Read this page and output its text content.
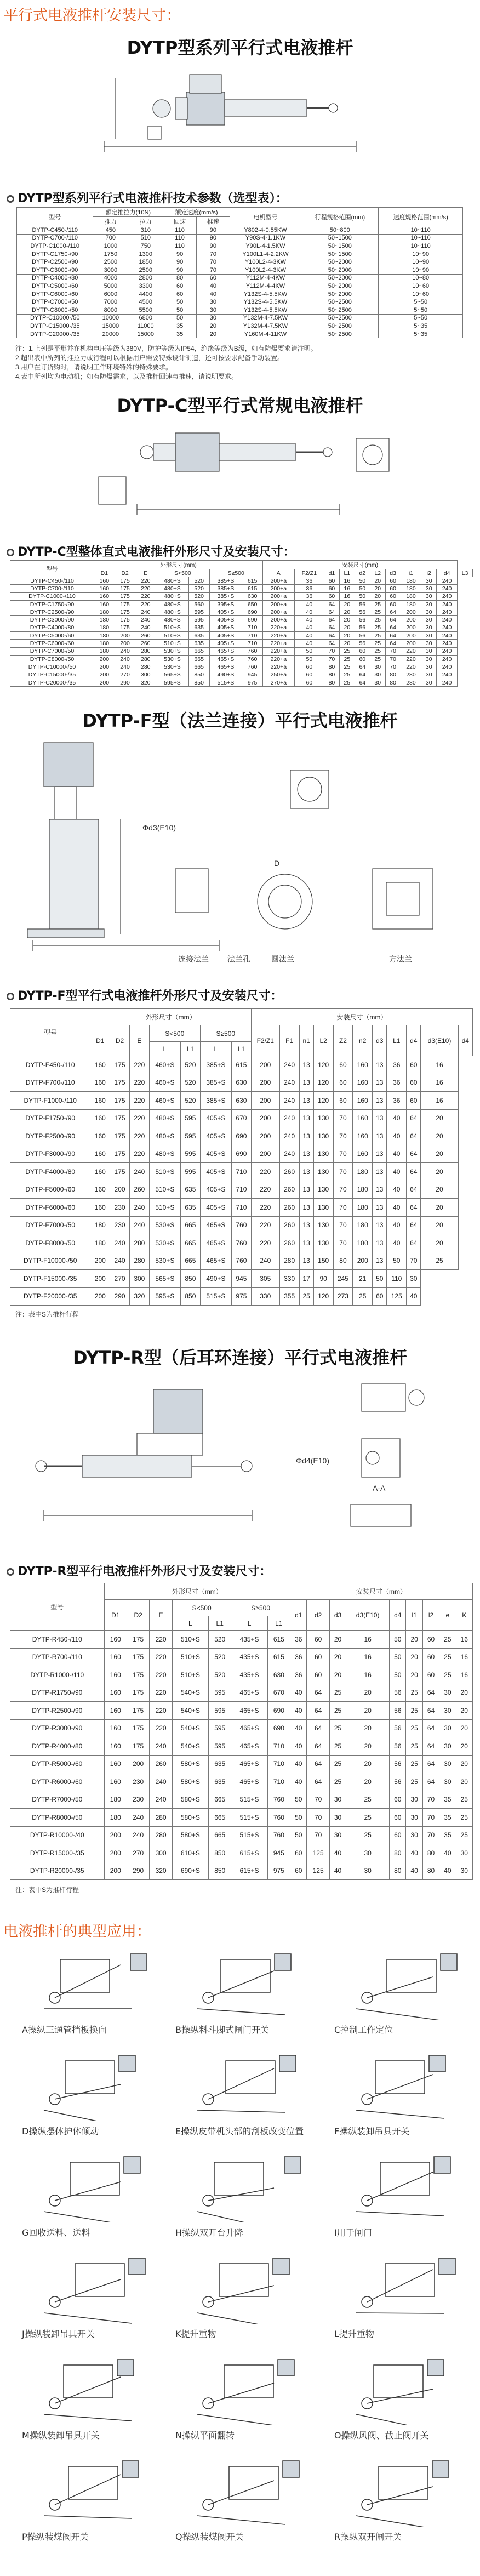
平行式电液推杆安装尺寸：
DYTP型系列平行式电液推杆
DYTP型系列平行式电液推杆技术参数（选型表）：
型号	额定推拉力(10N)		额定速度(mm/s)		电机型号	行程规格范围(mm)	速度规格范围(mm/s)
	推力	拉力	回速	推速			
DYTP-C450-/110	450	310	110	90	Y802-4-0.55KW	50~800	10~110
DYTP-C700-/110	700	510	110	90	Y90S-4-1.1KW	50~1500	10~110
DYTP-C1000-/110	1000	750	110	90	Y90L-4-1.5KW	50~1500	10~110
DYTP-C1750-/90	1750	1300	90	70	Y100L1-4-2.2KW	50~1500	10~90
DYTP-C2500-/90	2500	1850	90	70	Y100L2-4-3KW	50~2000	10~90
DYTP-C3000-/90	3000	2500	90	70	Y100L2-4-3KW	50~2000	10~90
DYTP-C4000-/80	4000	2800	80	60	Y112M-4-4KW	50~2000	10~80
DYTP-C5000-/60	5000	3300	60	40	Y112M-4-4KW	50~2000	10~60
DYTP-C6000-/60	6000	4400	60	40	Y132S-4-5.5KW	50~2000	10~60
DYTP-C7000-/50	7000	4500	50	30	Y132S-4-5.5KW	50~2500	5~50
DYTP-C8000-/50	8000	5500	50	30	Y132S-4-5.5KW	50~2500	5~50
DYTP-C10000-/50	10000	6800	50	30	Y132M-4-7.5KW	50~2500	5~50
DYTP-C15000-/35	15000	11000	35	20	Y132M-4-7.5KW	50~2500	5~35
DYTP-C20000-/35	20000	15000	35	20	Y160M-4-11KW	50~2500	5~35
注：1.上列是平形并在机构电压等级为380V，防护等级为IP54，绝缘等级为B级，如有防爆要求请注明。
2.超出表中所列的推拉力或行程可以根据用户需要特殊设计制造，还可按要求配备手动装置。
3.用户在订货购时，请说明工作环境特殊的特殊要求。
4.表中所列均为电动机；如有防爆需求，以及推杆回速与推速，请说明要求。
DYTP-C型平行式常规电液推杆
DYTP-C型整体直式电液推杆外形尺寸及安装尺寸：
型号	外形尺寸(mm)							安装尺寸(mm)										
	D1	D2	E	S<500		S≥500		A	F2/Z1	d1	L1	d2	L2	d3	i1	i2	d4	L3
DYTP-C450-/110	160	175	220	480+S	520	385+S	615	200+a	36	60	16	50	20	60	180	30	240	
DYTP-C700-/110	160	175	220	480+S	520	385+S	615	200+a	36	60	16	50	20	60	180	30	240	
DYTP-C1000-/110	160	175	220	480+S	520	385+S	630	200+a	36	60	16	50	20	60	180	30	240	
DYTP-C1750-/90	160	175	220	480+S	560	395+S	650	200+a	40	64	20	56	25	60	180	30	240	
DYTP-C2500-/90	180	175	240	480+S	595	405+S	690	200+a	40	64	20	56	25	64	200	30	240	
DYTP-C3000-/90	180	175	240	480+S	595	405+S	690	200+a	40	64	20	56	25	64	200	30	240	
DYTP-C4000-/80	180	175	240	510+S	635	405+S	710	220+a	40	64	20	56	25	64	200	30	240	
DYTP-C5000-/60	180	200	260	510+S	635	405+S	710	220+a	40	64	20	56	25	64	200	30	240	
DYTP-C6000-/60	180	200	260	510+S	635	405+S	710	220+a	40	64	20	56	25	64	200	30	240	
DYTP-C7000-/50	180	240	280	530+S	665	465+S	760	220+a	50	70	25	60	25	70	220	30	240	
DYTP-C8000-/50	200	240	280	530+S	665	465+S	760	220+a	50	70	25	60	25	70	220	30	240	
DYTP-C10000-/50	200	240	280	530+S	665	465+S	760	220+a	60	80	25	64	30	70	220	30	240	
DYTP-C15000-/35	200	270	300	565+S	850	490+S	945	250+a	60	80	25	64	30	80	280	30	240	
DYTP-C20000-/35	200	290	320	595+S	850	515+S	975	270+a	60	80	25	64	30	80	280	30	240	
DYTP-F型（法兰连接）平行式电液推杆
Φd3(E10)
连接法兰 法兰孔	圆法兰	方法兰
D
DYTP-F型平行式电液推杆外形尺寸及安装尺寸：
型号	外形尺寸（mm）							安装尺寸（mm）										
	D1	D2	E	S<500		S≥500		F2/Z1	F1	n1	L2	Z2	n2	d3	L1	d4	d3(E10)	d4
				L	L1	L	L1											
DYTP-F450-/110	160	175	220	460+S	520	385+S	615	200	240	13	120	60	160	13	36	60	16	
DYTP-F700-/110	160	175	220	460+S	520	385+S	630	200	240	13	120	60	160	13	36	60	16	
DYTP-F1000-/110	160	175	220	460+S	520	385+S	630	200	240	13	120	60	160	13	36	60	16	
DYTP-F1750-/90	160	175	220	480+S	595	405+S	670	200	240	13	130	70	160	13	40	64	20	
DYTP-F2500-/90	160	175	220	480+S	595	405+S	690	200	240	13	130	70	160	13	40	64	20	
DYTP-F3000-/90	160	175	220	480+S	595	405+S	690	200	240	13	130	70	160	13	40	64	20	
DYTP-F4000-/80	160	175	240	510+S	595	405+S	710	220	260	13	130	70	180	13	40	64	20	
DYTP-F5000-/60	160	200	260	510+S	635	405+S	710	220	260	13	130	70	180	13	40	64	20	
DYTP-F6000-/60	160	230	240	510+S	635	405+S	710	220	260	13	130	70	180	13	40	64	20	
DYTP-F7000-/50	180	230	240	530+S	665	465+S	760	220	260	13	130	70	180	13	40	64	20	
DYTP-F8000-/50	180	240	280	530+S	665	465+S	760	220	260	13	130	70	180	13	40	64	20	
DYTP-F10000-/50	200	240	280	530+S	665	465+S	760	240	280	13	150	80	200	13	50	70	25	
DYTP-F15000-/35	200	270	300	565+S	850	490+S	945	305	330	17	90	245	21	50	110	30		
DYTP-F20000-/35	200	290	320	595+S	850	515+S	975	330	355	25	120	273	25	60	125	40		
注：表中S为推杆行程
DYTP-R型（后耳环连接）平行式电液推杆
Φd4(E10)
A-A
DYTP-R型平行电液推杆外形尺寸及安装尺寸：
型号	外形尺寸（mm）							安装尺寸（mm）								
	D1	D2	E	S<500		S≥500		d1	d2	d3	d3(E10)	d4	l1	l2	e	K
				L	L1	L	L1									
DYTP-R450-/110	160	175	220	510+S	520	435+S	615	36	60	20	16	50	20	60	25	16
DYTP-R700-/110	160	175	220	510+S	520	435+S	615	36	60	20	16	50	20	60	25	16
DYTP-R1000-/110	160	175	220	510+S	520	435+S	630	36	60	20	16	50	20	60	25	16
DYTP-R1750-/90	160	175	220	540+S	595	465+S	670	40	64	25	20	56	25	64	30	20
DYTP-R2500-/90	160	175	220	540+S	595	465+S	690	40	64	25	20	56	25	64	30	20
DYTP-R3000-/90	160	175	220	540+S	595	465+S	690	40	64	25	20	56	25	64	30	20
DYTP-R4000-/80	160	175	240	540+S	595	465+S	710	40	64	25	20	56	25	64	30	20
DYTP-R5000-/60	160	200	260	580+S	635	465+S	710	40	64	25	20	56	25	64	30	20
DYTP-R6000-/60	160	230	240	580+S	635	465+S	710	40	64	25	20	56	25	64	30	20
DYTP-R7000-/50	180	230	240	580+S	665	515+S	760	50	70	30	25	60	30	70	35	25
DYTP-R8000-/50	180	240	280	580+S	665	515+S	760	50	70	30	25	60	30	70	35	25
DYTP-R10000-/40	200	240	280	580+S	665	515+S	760	50	70	30	25	60	30	70	35	25
DYTP-R15000-/35	200	270	300	610+S	850	615+S	945	60	125	40	30	80	40	80	40	30
DYTP-R20000-/35	200	290	320	690+S	850	615+S	975	60	125	40	30	80	40	80	40	30
注：表中S为推杆行程
电液推杆的典型应用：
A操纵三通管挡板换向	B操纵料斗脚式闸门开关	C控制工作定位
D操纵摆体护体倾动	E操纵皮带机头部的刮板改变位置	F操纵装卸吊具开关
G回收送料、送料	H操纵双开台升降	I用于闸门
J操纵装卸吊具开关	K提升重物	L提升重物
M操纵装卸吊具开关	N操纵平面翻转	O操纵风阀、截止阀开关
P操纵装煤阀开关	Q操纵装煤阀开关	R操纵双开闸开关
